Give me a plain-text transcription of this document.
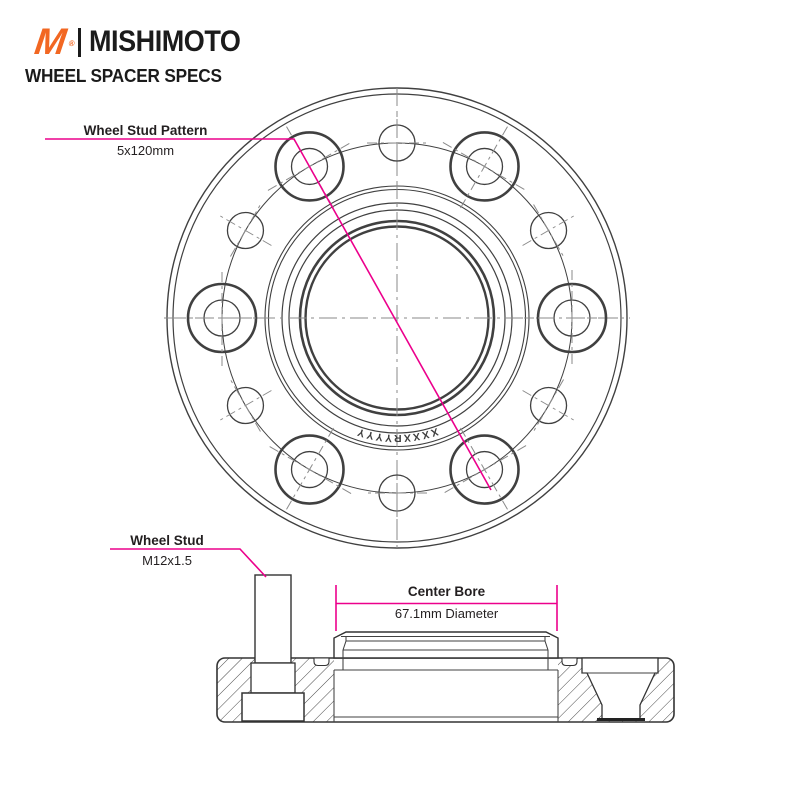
XXXXRYYYY
M ® MISHIMOTO
WHEEL SPACER SPECS
Wheel Stud Pattern
5x120mm
Wheel Stud
M12x1.5
Center Bore
67.1mm Diameter
